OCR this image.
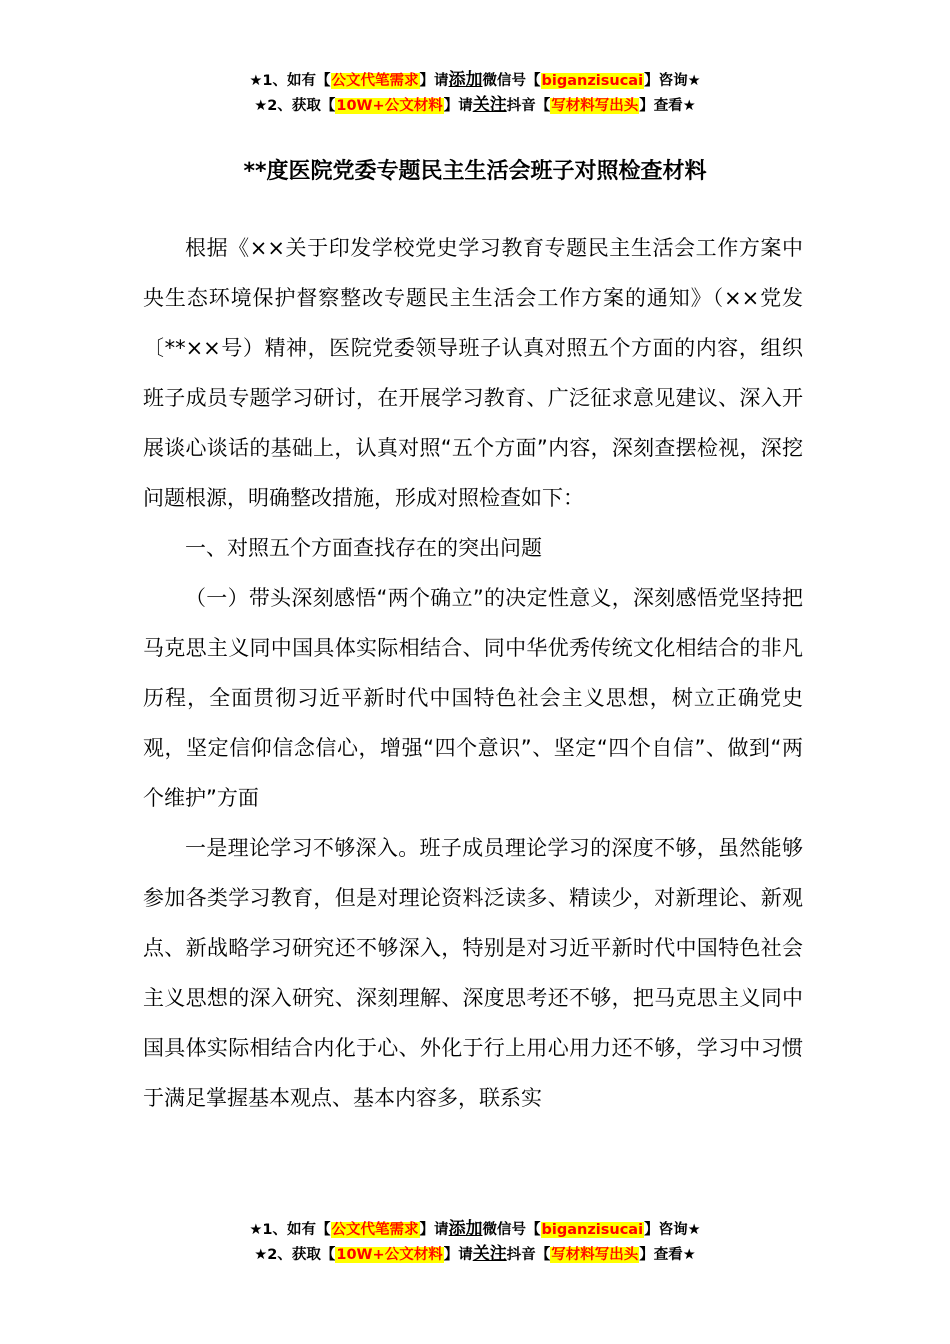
★1、如有【公文代笔需求】请添加微信号【biganzisucai】咨询★
★2、获取【10W+公文材料】请关注抖音【写材料写出头】查看★
**度医院党委专题民主生活会班子对照检查材料

根据《××关于印发学校党史学习教育专题民主生活会工作方案中央生态环境保护督察整改专题民主生活会工作方案的通知》（××党发〔**××号）精神，医院党委领导班子认真对照五个方面的内容，组织班子成员专题学习研讨，在开展学习教育、广泛征求意见建议、深入开展谈心谈话的基础上，认真对照“五个方面”内容，深刻查摆检视，深挖问题根源，明确整改措施，形成对照检查如下：

一、对照五个方面查找存在的突出问题

（一）带头深刻感悟“两个确立”的决定性意义，深刻感悟党坚持把马克思主义同中国具体实际相结合、同中华优秀传统文化相结合的非凡历程，全面贯彻习近平新时代中国特色社会主义思想，树立正确党史观，坚定信仰信念信心，增强“四个意识”、坚定“四个自信”、做到“两个维护”方面

一是理论学习不够深入。班子成员理论学习的深度不够，虽然能够参加各类学习教育，但是对理论资料泛读多、精读少，对新理论、新观点、新战略学习研究还不够深入，特别是对习近平新时代中国特色社会主义思想的深入研究、深刻理解、深度思考还不够，把马克思主义同中国具体实际相结合内化于心、外化于行上用心用力还不够，学习中习惯于满足掌握基本观点、基本内容多，联系实

★1、如有【公文代笔需求】请添加微信号【biganzisucai】咨询★
★2、获取【10W+公文材料】请关注抖音【写材料写出头】查看★
